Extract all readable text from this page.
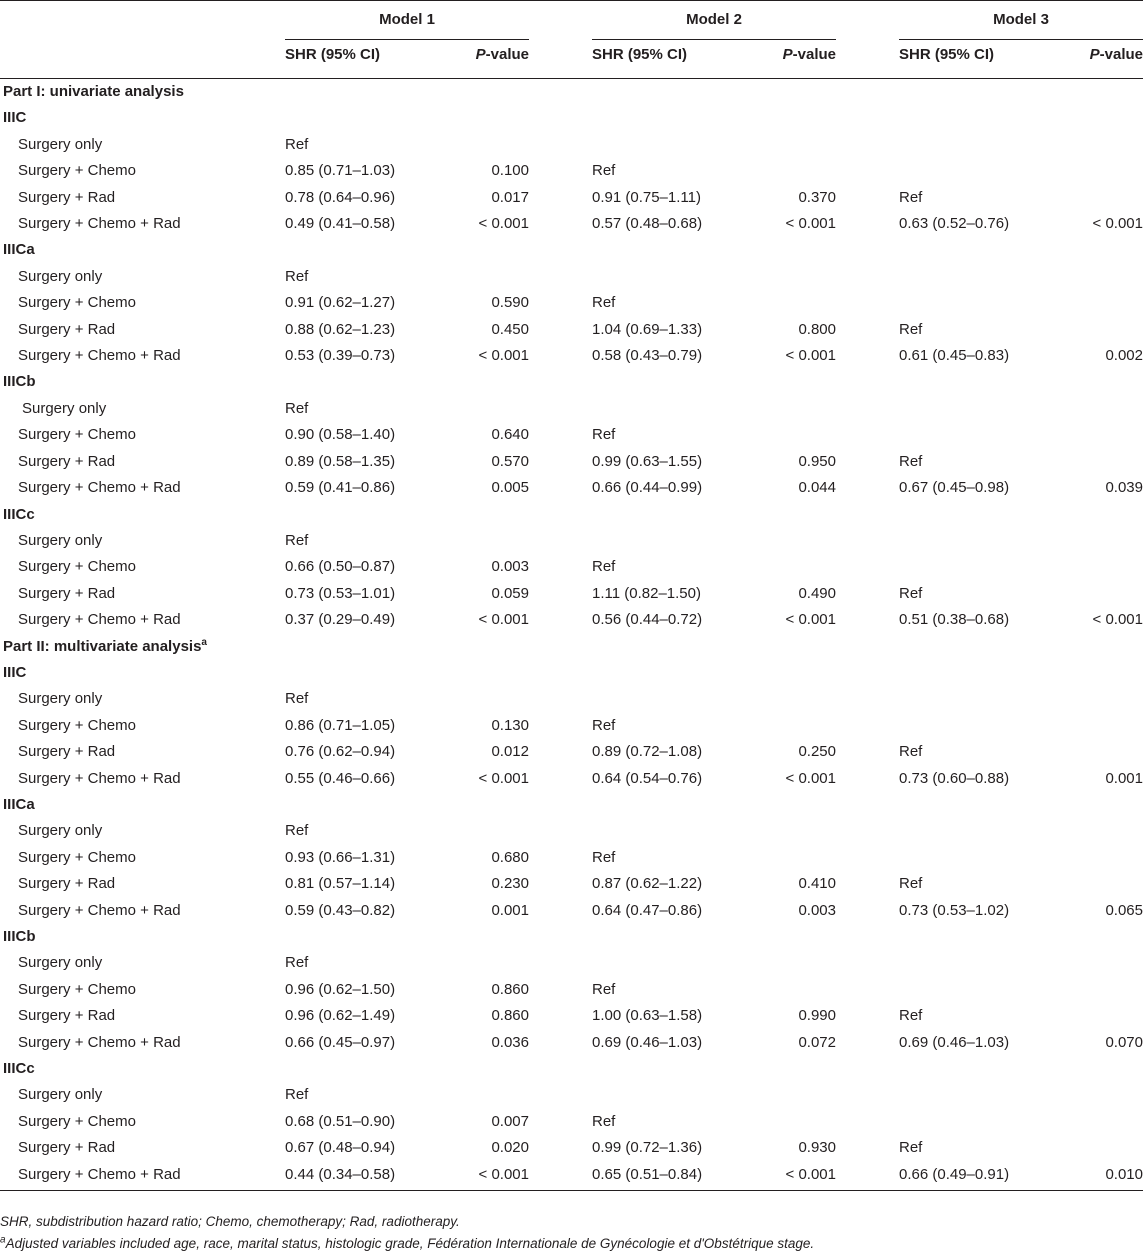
	Model 1			Model 2			Model 3	
	SHR (95% CI)	P-value		SHR (95% CI)	P-value		SHR (95% CI)	P-value
Part I: univariate analysis								
IIIC								
Surgery only	Ref							
Surgery + Chemo	0.85 (0.71–1.03)	0.100		Ref				
Surgery + Rad	0.78 (0.64–0.96)	0.017		0.91 (0.75–1.11)	0.370		Ref	
Surgery + Chemo + Rad	0.49 (0.41–0.58)	< 0.001		0.57 (0.48–0.68)	< 0.001		0.63 (0.52–0.76)	< 0.001
IIICa								
Surgery only	Ref							
Surgery + Chemo	0.91 (0.62–1.27)	0.590		Ref				
Surgery + Rad	0.88 (0.62–1.23)	0.450		1.04 (0.69–1.33)	0.800		Ref	
Surgery + Chemo + Rad	0.53 (0.39–0.73)	< 0.001		0.58 (0.43–0.79)	< 0.001		0.61 (0.45–0.83)	0.002
IIICb								
Surgery only	Ref							
Surgery + Chemo	0.90 (0.58–1.40)	0.640		Ref				
Surgery + Rad	0.89 (0.58–1.35)	0.570		0.99 (0.63–1.55)	0.950		Ref	
Surgery + Chemo + Rad	0.59 (0.41–0.86)	0.005		0.66 (0.44–0.99)	0.044		0.67 (0.45–0.98)	0.039
IIICc								
Surgery only	Ref							
Surgery + Chemo	0.66 (0.50–0.87)	0.003		Ref				
Surgery + Rad	0.73 (0.53–1.01)	0.059		1.11 (0.82–1.50)	0.490		Ref	
Surgery + Chemo + Rad	0.37 (0.29–0.49)	< 0.001		0.56 (0.44–0.72)	< 0.001		0.51 (0.38–0.68)	< 0.001
Part II: multivariate analysis$^a$
IIIC								
Surgery only	Ref							
Surgery + Chemo	0.86 (0.71–1.05)	0.130		Ref				
Surgery + Rad	0.76 (0.62–0.94)	0.012		0.89 (0.72–1.08)	0.250		Ref	
Surgery + Chemo + Rad	0.55 (0.46–0.66)	< 0.001		0.64 (0.54–0.76)	< 0.001		0.73 (0.60–0.88)	0.001
IIICa								
Surgery only	Ref							
Surgery + Chemo	0.93 (0.66–1.31)	0.680		Ref				
Surgery + Rad	0.81 (0.57–1.14)	0.230		0.87 (0.62–1.22)	0.410		Ref	
Surgery + Chemo + Rad	0.59 (0.43–0.82)	0.001		0.64 (0.47–0.86)	0.003		0.73 (0.53–1.02)	0.065
IIICb								
Surgery only	Ref							
Surgery + Chemo	0.96 (0.62–1.50)	0.860		Ref				
Surgery + Rad	0.96 (0.62–1.49)	0.860		1.00 (0.63–1.58)	0.990		Ref	
Surgery + Chemo + Rad	0.66 (0.45–0.97)	0.036		0.69 (0.46–1.03)	0.072		0.69 (0.46–1.03)	0.070
IIICc								
Surgery only	Ref							
Surgery + Chemo	0.68 (0.51–0.90)	0.007		Ref				
Surgery + Rad	0.67 (0.48–0.94)	0.020		0.99 (0.72–1.36)	0.930		Ref	
Surgery + Chemo + Rad	0.44 (0.34–0.58)	< 0.001		0.65 (0.51–0.84)	< 0.001		0.66 (0.49–0.91)	0.010
SHR, subdistribution hazard ratio; Chemo, chemotherapy; Rad, radiotherapy.
$^a$Adjusted variables included age, race, marital status, histologic grade, Fédération Internationale de Gynécologie et d'Obstétrique stage.
